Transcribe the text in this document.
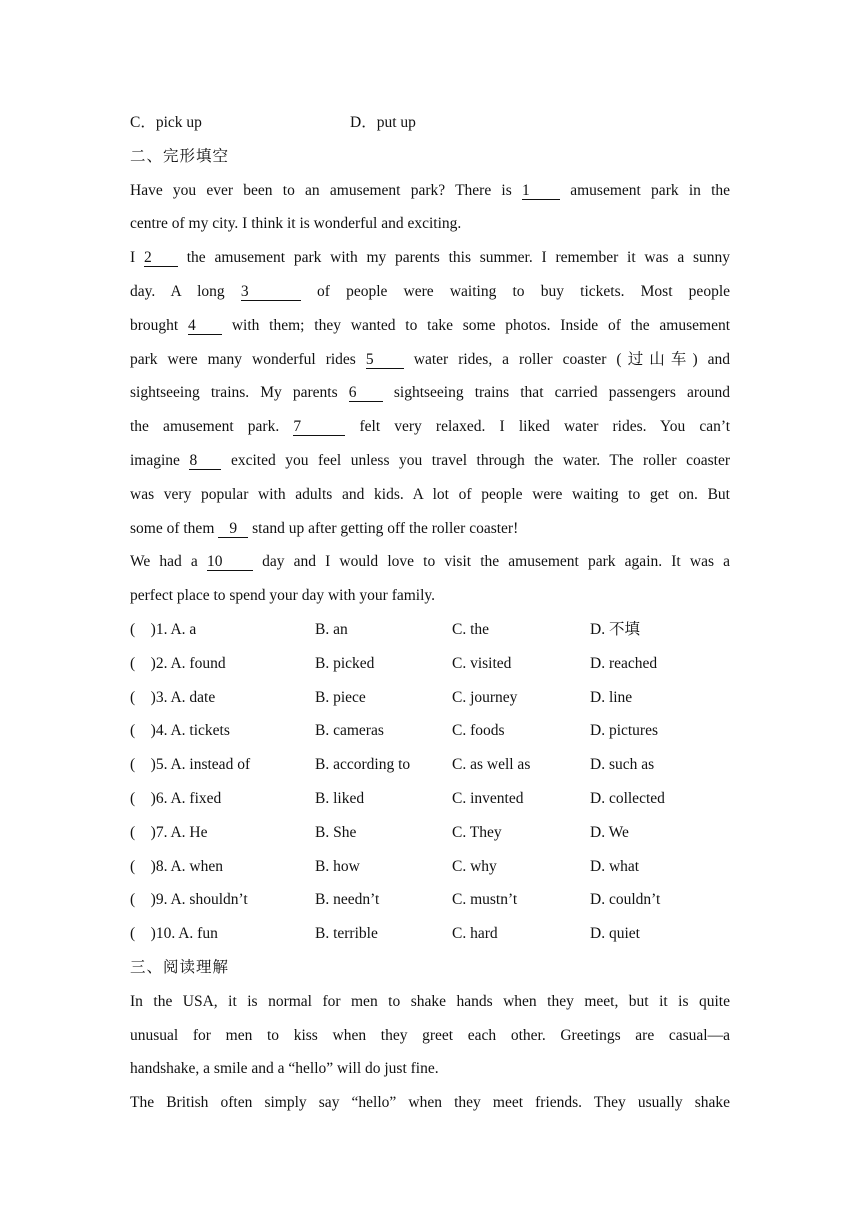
C．pick up	D．put up
二、完形填空
Have you ever been to an amusement park? There is 1	amusement park in the
centre of my city. I think it is wonderful and exciting.
I 2 the amusement park with my parents this summer. I remember it was a sunny
day. A long 3	of people were waiting to buy tickets. Most people
brought 4 with them; they wanted to take some photos. Inside of the amusement
park were many wonderful rides 5	water rides, a roller coaster (过山车) and
sightseeing trains. My parents 6 sightseeing trains that carried passengers around
the amusement park. 7	felt very relaxed. I liked water rides. You can’t
imagine 8 excited you feel unless you travel through the water. The roller coaster
was very popular with adults and kids. A lot of people were waiting to get on. But
some of them 9 stand up after getting off the roller coaster!
We had a 10	day and I would love to visit the amusement park again. It was a
perfect place to spend your day with your family.
(　)1. A. a	B. an	C. the	D. 不填
(　)2. A. found	B. picked	C. visited	D. reached
(　)3. A. date	B. piece	C. journey	D. line
(　)4. A. tickets	B. cameras	C. foods	D. pictures
(　)5. A. instead of	B. according to	C. as well as	D. such as
(　)6. A. fixed	B. liked	C. invented	D. collected
(　)7. A. He	B. She	C. They	D. We
(　)8. A. when	B. how	C. why	D. what
(　)9. A. shouldn’t	B. needn’t	C. mustn’t	D. couldn’t
(　)10. A. fun	B. terrible	C. hard	D. quiet
三、阅读理解
In the USA, it is normal for men to shake hands when they meet, but it is quite
unusual for men to kiss when they greet each other. Greetings are casual—a
handshake, a smile and a “hello” will do just fine.
The British often simply say “hello” when they meet friends. They usually shake
